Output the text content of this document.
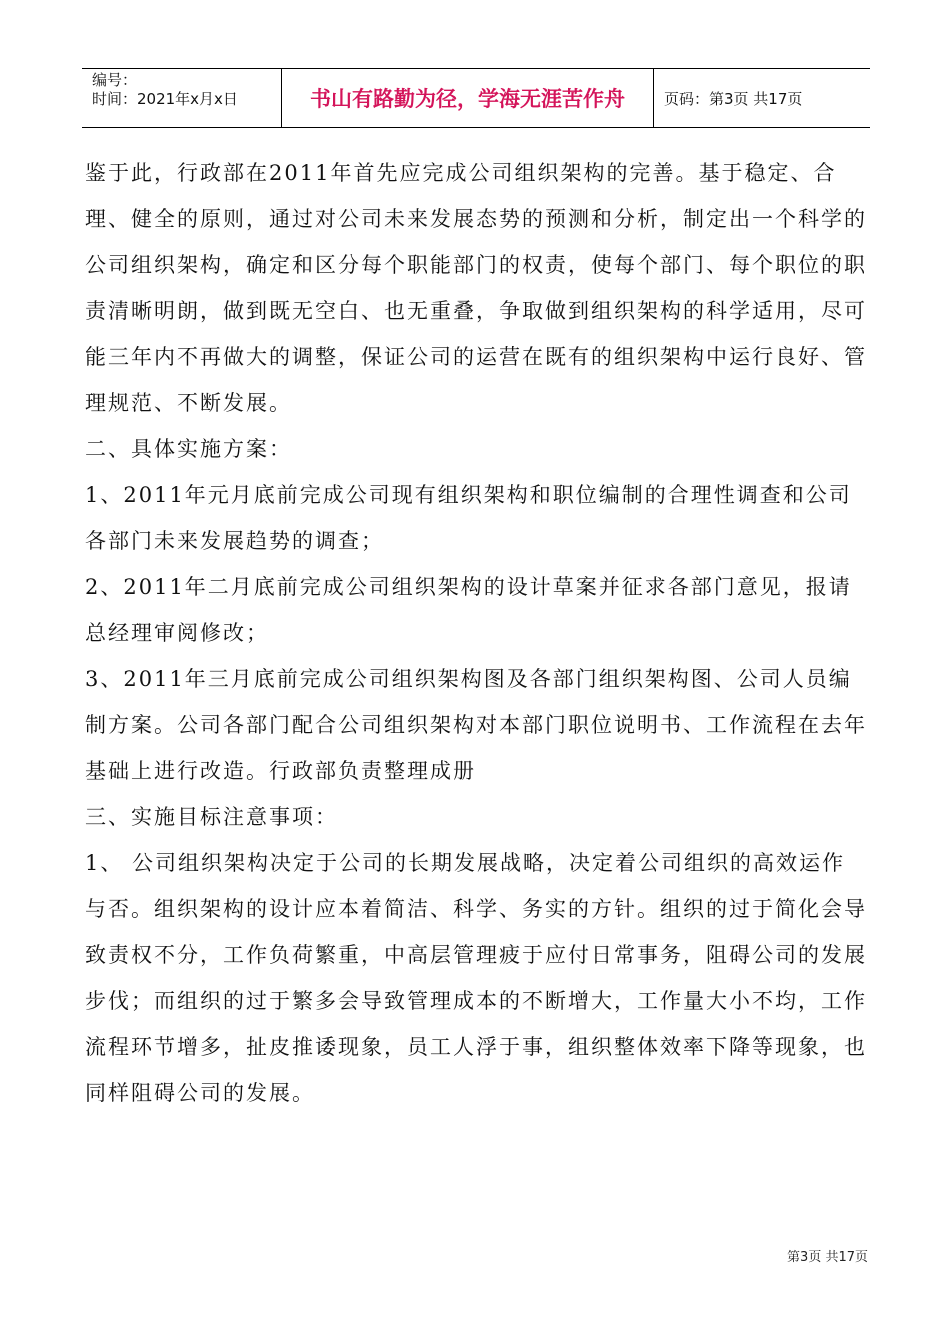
编号：
时间：2021年x月x日	书山有路勤为径，学海无涯苦作舟	页码：第3页 共17页

鉴于此，行政部在2011年首先应完成公司组织架构的完善。基于稳定、合理、健全的原则，通过对公司未来发展态势的预测和分析，制定出一个科学的公司组织架构，确定和区分每个职能部门的权责，使每个部门、每个职位的职责清晰明朗，做到既无空白、也无重叠，争取做到组织架构的科学适用，尽可能三年内不再做大的调整，保证公司的运营在既有的组织架构中运行良好、管理规范、不断发展。

二、具体实施方案：

1、2011年元月底前完成公司现有组织架构和职位编制的合理性调查和公司各部门未来发展趋势的调查；

2、2011年二月底前完成公司组织架构的设计草案并征求各部门意见，报请总经理审阅修改；

3、2011年三月底前完成公司组织架构图及各部门组织架构图、公司人员编制方案。公司各部门配合公司组织架构对本部门职位说明书、工作流程在去年基础上进行改造。行政部负责整理成册

三、实施目标注意事项：

1、 公司组织架构决定于公司的长期发展战略，决定着公司组织的高效运作与否。组织架构的设计应本着简洁、科学、务实的方针。组织的过于简化会导致责权不分，工作负荷繁重，中高层管理疲于应付日常事务，阻碍公司的发展步伐；而组织的过于繁多会导致管理成本的不断增大，工作量大小不均，工作流程环节增多，扯皮推诿现象，员工人浮于事，组织整体效率下降等现象，也同样阻碍公司的发展。

第3页 共17页
